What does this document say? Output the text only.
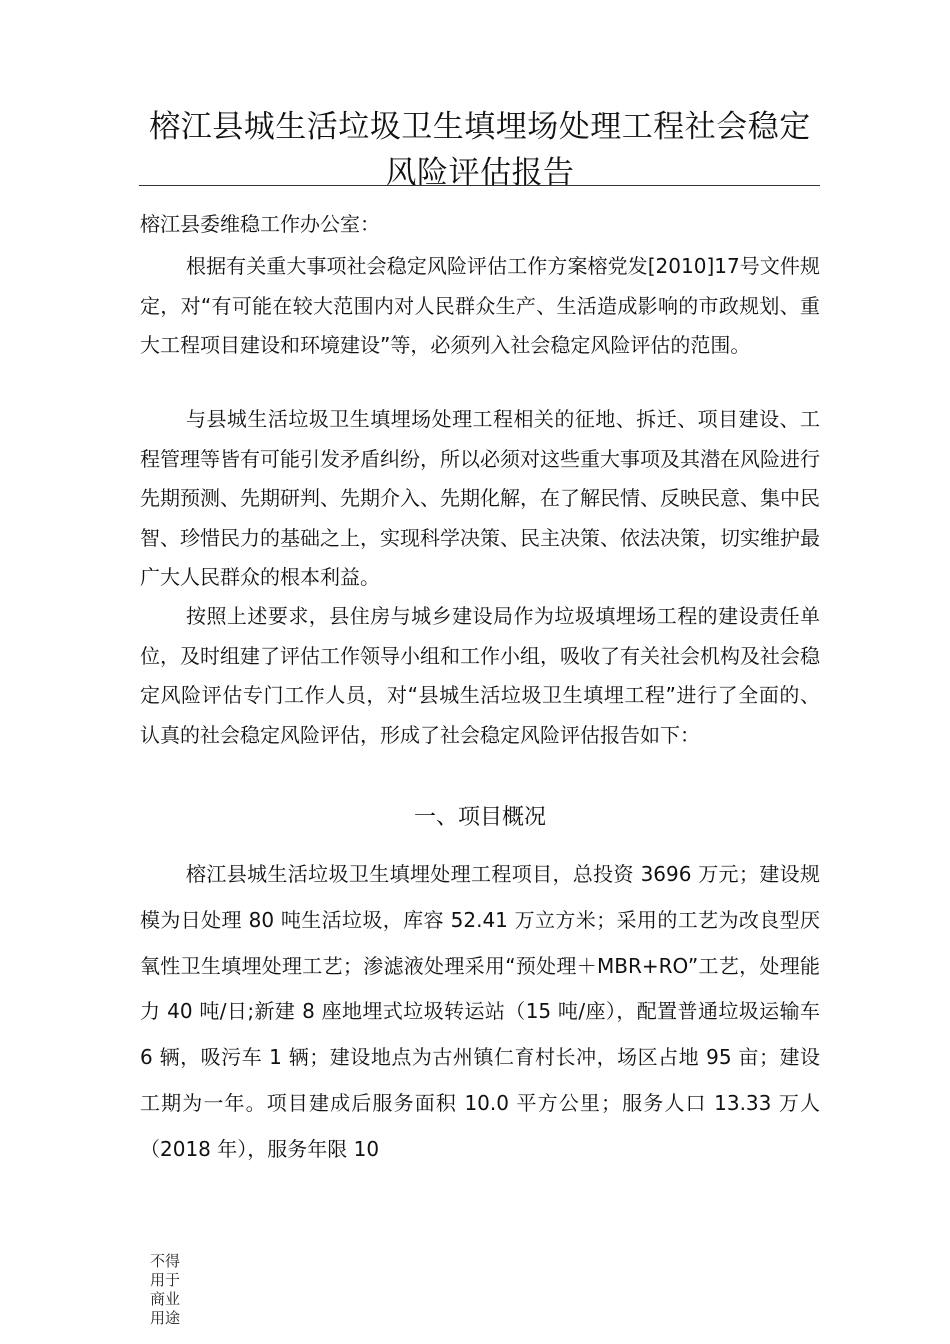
榕江县城生活垃圾卫生填埋场处理工程社会稳定风险评估报告

榕江县委维稳工作办公室：

根据有关重大事项社会稳定风险评估工作方案榕党发[2010]17号文件规定，对“有可能在较大范围内对人民群众生产、生活造成影响的市政规划、重大工程项目建设和环境建设”等，必须列入社会稳定风险评估的范围。

与县城生活垃圾卫生填埋场处理工程相关的征地、拆迁、项目建设、工程管理等皆有可能引发矛盾纠纷，所以必须对这些重大事项及其潜在风险进行先期预测、先期研判、先期介入、先期化解，在了解民情、反映民意、集中民智、珍惜民力的基础之上，实现科学决策、民主决策、依法决策，切实维护最广大人民群众的根本利益。

按照上述要求，县住房与城乡建设局作为垃圾填埋场工程的建设责任单位，及时组建了评估工作领导小组和工作小组，吸收了有关社会机构及社会稳定风险评估专门工作人员，对“县城生活垃圾卫生填埋工程”进行了全面的、认真的社会稳定风险评估，形成了社会稳定风险评估报告如下：

一、项目概况

榕江县城生活垃圾卫生填埋处理工程项目，总投资 3696 万元；建设规模为日处理 80 吨生活垃圾，库容 52.41 万立方米；采用的工艺为改良型厌氧性卫生填埋处理工艺；渗滤液处理采用“预处理＋MBR+RO”工艺，处理能力 40 吨/日;新建 8 座地埋式垃圾转运站（15 吨/座），配置普通垃圾运输车 6 辆，吸污车 1 辆；建设地点为古州镇仁育村长冲，场区占地 95 亩；建设工期为一年。项目建成后服务面积 10.0 平方公里；服务人口 13.33 万人（2018 年），服务年限 10

不得用于商业用途
